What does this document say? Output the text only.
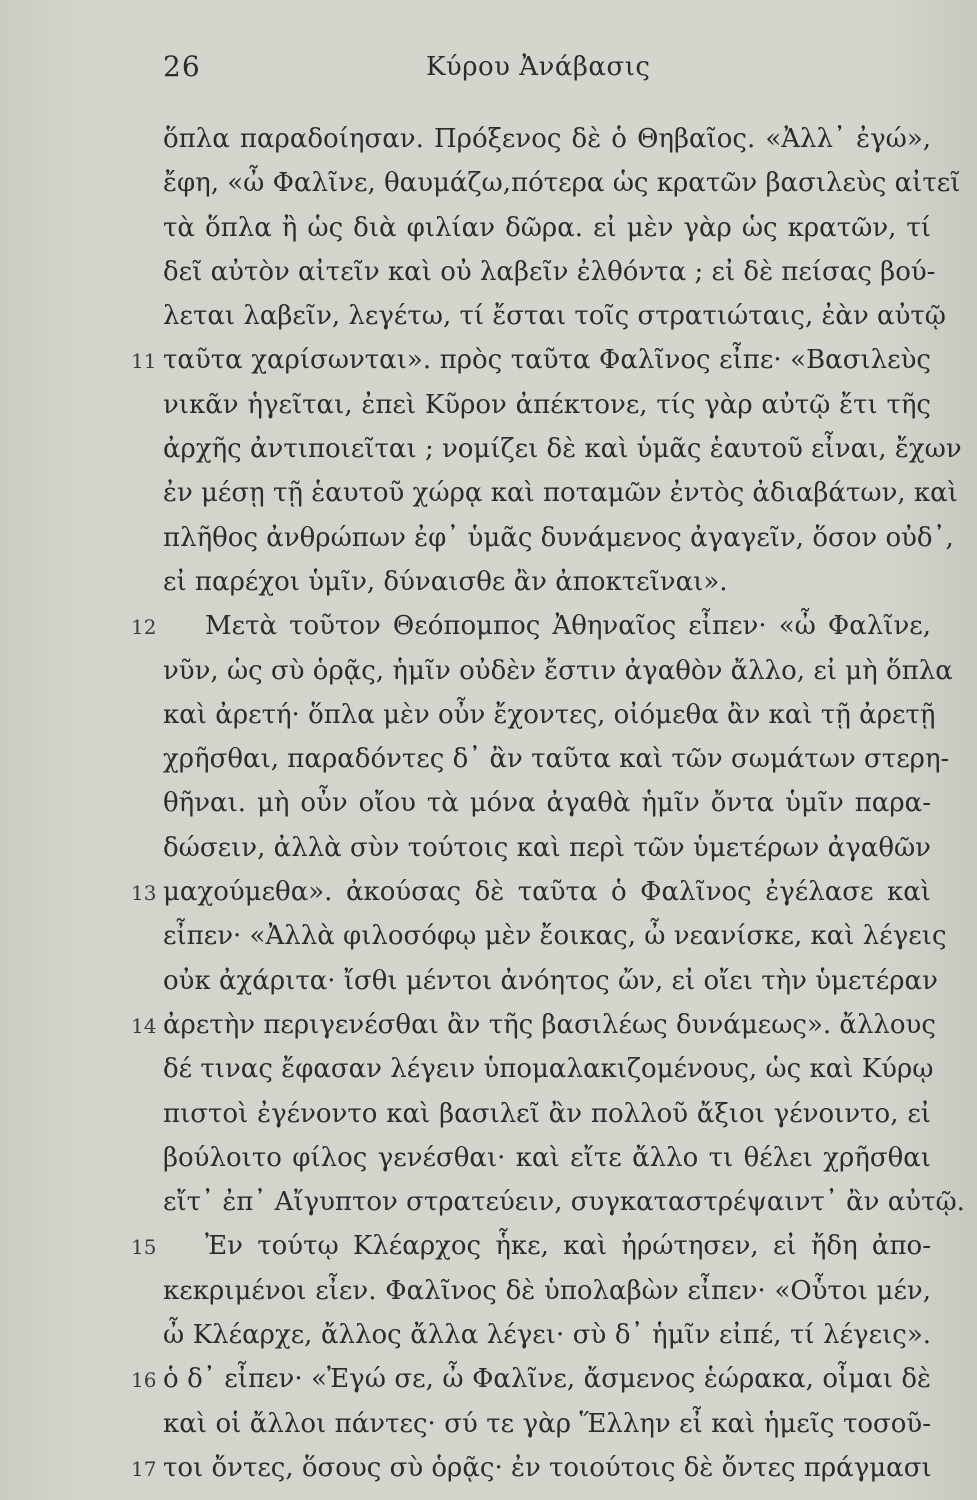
26	Κύρου Ἀνάβασις
ὅπλα παραδοίησαν. Πρόξενος δὲ ὁ Θηβαῖος. «Ἀλλ᾽ ἐγώ»,
ἔφη, «ὦ Φαλῖνε, θαυμάζω,πότερα ὡς κρατῶν βασιλεὺς αἰτεῖ
τὰ ὅπλα ἢ ὡς διὰ φιλίαν δῶρα. εἰ μὲν γὰρ ὡς κρατῶν, τί
δεῖ αὐτὸν αἰτεῖν καὶ οὐ λαβεῖν ἐλθόντα ; εἰ δὲ πείσας βού-
λεται λαβεῖν, λεγέτω, τί ἔσται τοῖς στρατιώταις, ἐὰν αὐτῷ
11 ταῦτα χαρίσωνται». πρὸς ταῦτα Φαλῖνος εἶπε· «Βασιλεὺς
νικᾶν ἡγεῖται, ἐπεὶ Κῦρον ἀπέκτονε, τίς γὰρ αὐτῷ ἔτι τῆς
ἀρχῆς ἀντιποιεῖται ; νομίζει δὲ καὶ ὑμᾶς ἑαυτοῦ εἶναι, ἔχων
ἐν μέσῃ τῇ ἑαυτοῦ χώρᾳ καὶ ποταμῶν ἐντὸς ἀδιαβάτων, καὶ
πλῆθος ἀνθρώπων ἐφ᾽ ὑμᾶς δυνάμενος ἀγαγεῖν, ὅσον οὐδ᾽,
εἰ παρέχοι ὑμῖν, δύναισθε ἂν ἀποκτεῖναι».
12 Μετὰ τοῦτον Θεόπομπος Ἀθηναῖος εἶπεν· «ὦ Φαλῖνε,
νῦν, ὡς σὺ ὁρᾷς, ἡμῖν οὐδὲν ἔστιν ἀγαθὸν ἄλλο, εἰ μὴ ὅπλα
καὶ ἀρετή· ὅπλα μὲν οὖν ἔχοντες, οἰόμεθα ἂν καὶ τῇ ἀρετῇ
χρῆσθαι, παραδόντες δ᾽ ἂν ταῦτα καὶ τῶν σωμάτων στερη-
θῆναι. μὴ οὖν οἴου τὰ μόνα ἀγαθὰ ἡμῖν ὄντα ὑμῖν παρα-
δώσειν, ἀλλὰ σὺν τούτοις καὶ περὶ τῶν ὑμετέρων ἀγαθῶν
13 μαχούμεθα». ἀκούσας δὲ ταῦτα ὁ Φαλῖνος ἐγέλασε καὶ
εἶπεν· «Ἀλλὰ φιλοσόφῳ μὲν ἔοικας, ὦ νεανίσκε, καὶ λέγεις
οὐκ ἀχάριτα· ἴσθι μέντοι ἀνόητος ὤν, εἰ οἴει τὴν ὑμετέραν
14 ἀρετὴν περιγενέσθαι ἂν τῆς βασιλέως δυνάμεως». ἄλλους
δέ τινας ἔφασαν λέγειν ὑπομαλακιζομένους, ὡς καὶ Κύρῳ
πιστοὶ ἐγένοντο καὶ βασιλεῖ ἂν πολλοῦ ἄξιοι γένοιντο, εἰ
βούλοιτο φίλος γενέσθαι· καὶ εἴτε ἄλλο τι θέλει χρῆσθαι
εἴτ᾽ ἐπ᾽ Αἴγυπτον στρατεύειν, συγκαταστρέψαιντ᾽ ἂν αὐτῷ.
15 Ἐν τούτῳ Κλέαρχος ἧκε, καὶ ἠρώτησεν, εἰ ἤδη ἀπο-
κεκριμένοι εἶεν. Φαλῖνος δὲ ὑπολαβὼν εἶπεν· «Οὗτοι μέν,
ὦ Κλέαρχε, ἄλλος ἄλλα λέγει· σὺ δ᾽ ἡμῖν εἰπέ, τί λέγεις».
16 ὁ δ᾽ εἶπεν· «Ἐγώ σε, ὦ Φαλῖνε, ἄσμενος ἑώρακα, οἶμαι δὲ
καὶ οἱ ἄλλοι πάντες· σύ τε γὰρ Ἕλλην εἶ καὶ ἡμεῖς τοσοῦ-
17 τοι ὄντες, ὅσους σὺ ὁρᾷς· ἐν τοιούτοις δὲ ὄντες πράγμασι
